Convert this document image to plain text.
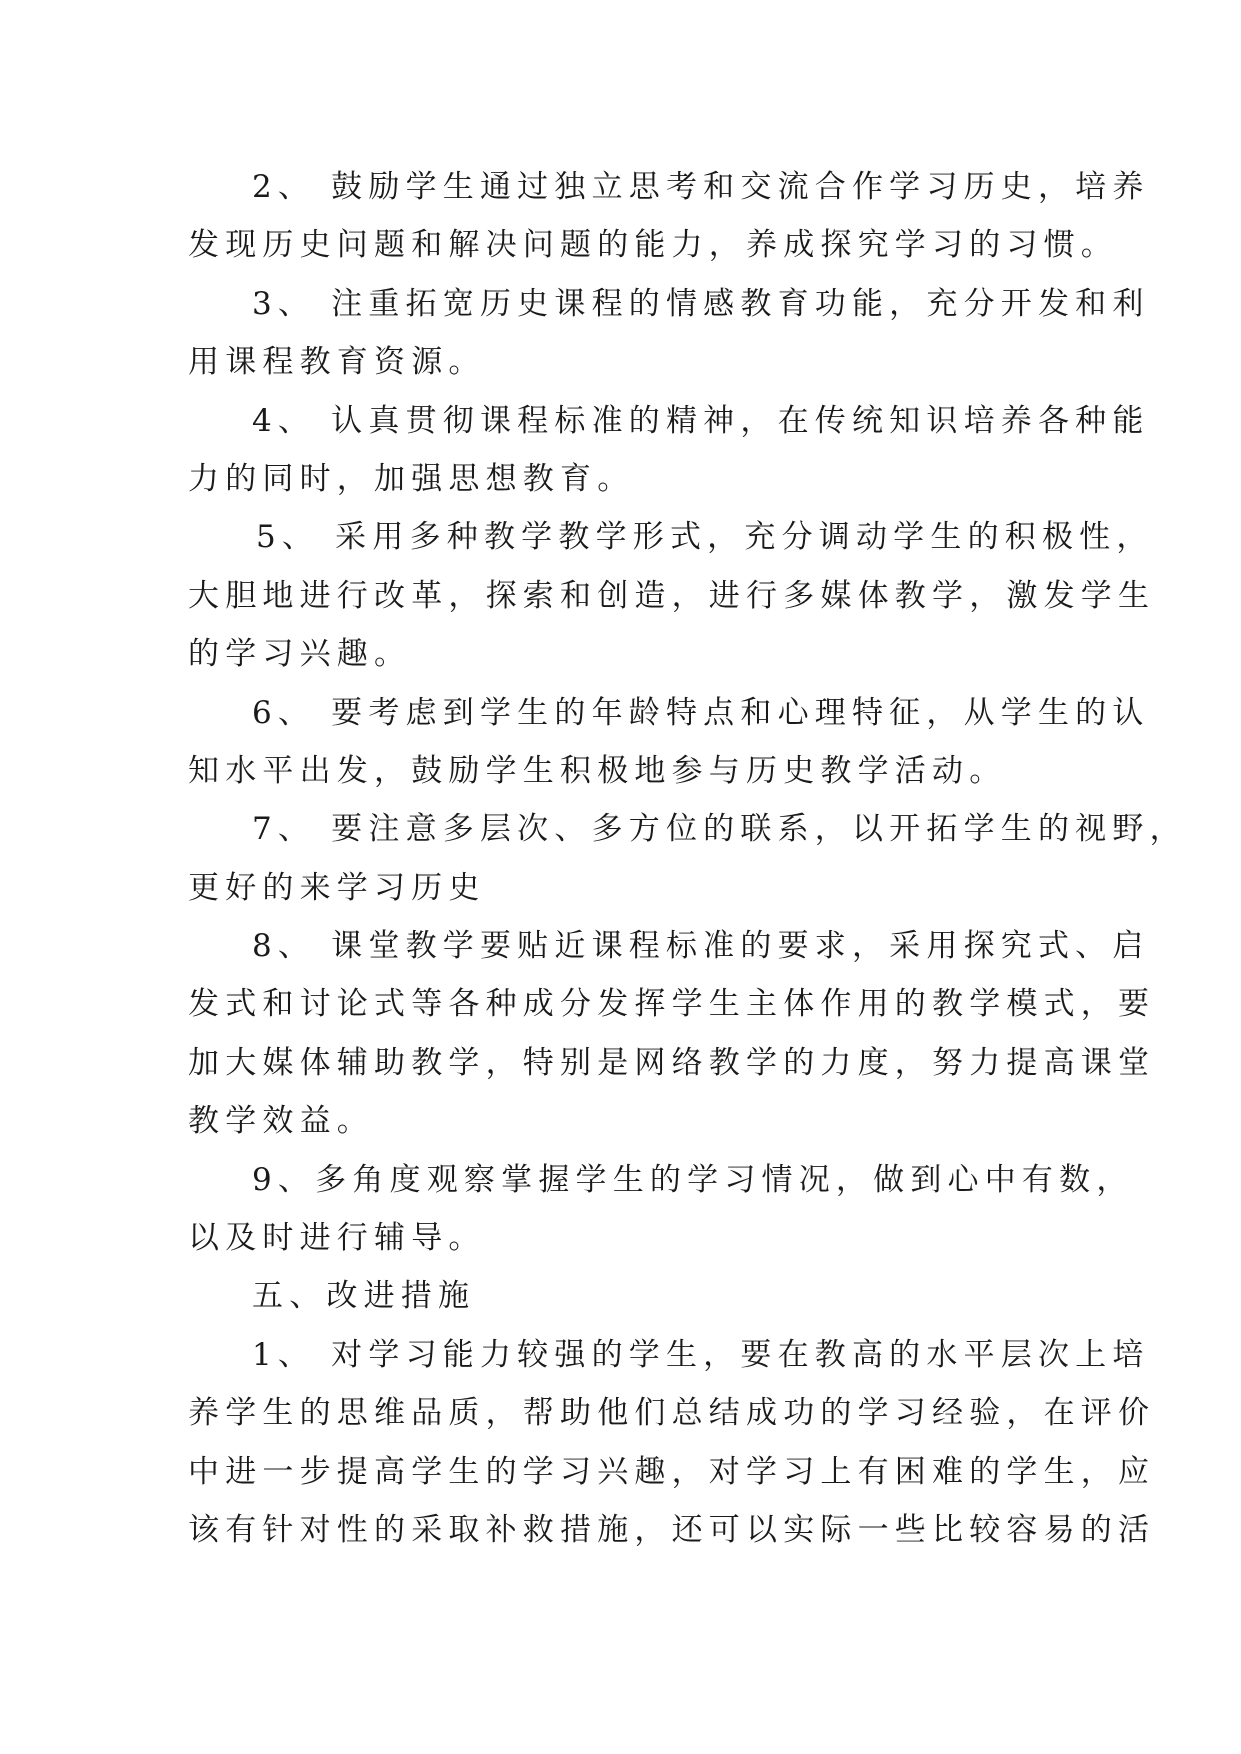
2、 鼓励学生通过独立思考和交流合作学习历史，培养
发现历史问题和解决问题的能力，养成探究学习的习惯。
3、 注重拓宽历史课程的情感教育功能，充分开发和利
用课程教育资源。
4、 认真贯彻课程标准的精神，在传统知识培养各种能
力的同时，加强思想教育。
5、 采用多种教学教学形式，充分调动学生的积极性，
大胆地进行改革，探索和创造，进行多媒体教学，激发学生
的学习兴趣。
6、 要考虑到学生的年龄特点和心理特征，从学生的认
知水平出发，鼓励学生积极地参与历史教学活动。
7、 要注意多层次、多方位的联系，以开拓学生的视野，
更好的来学习历史
8、 课堂教学要贴近课程标准的要求，采用探究式、启
发式和讨论式等各种成分发挥学生主体作用的教学模式，要
加大媒体辅助教学，特别是网络教学的力度，努力提高课堂
教学效益。
9、多角度观察掌握学生的学习情况，做到心中有数，
以及时进行辅导。
五、改进措施
1、 对学习能力较强的学生，要在教高的水平层次上培
养学生的思维品质，帮助他们总结成功的学习经验，在评价
中进一步提高学生的学习兴趣，对学习上有困难的学生，应
该有针对性的采取补救措施，还可以实际一些比较容易的活
